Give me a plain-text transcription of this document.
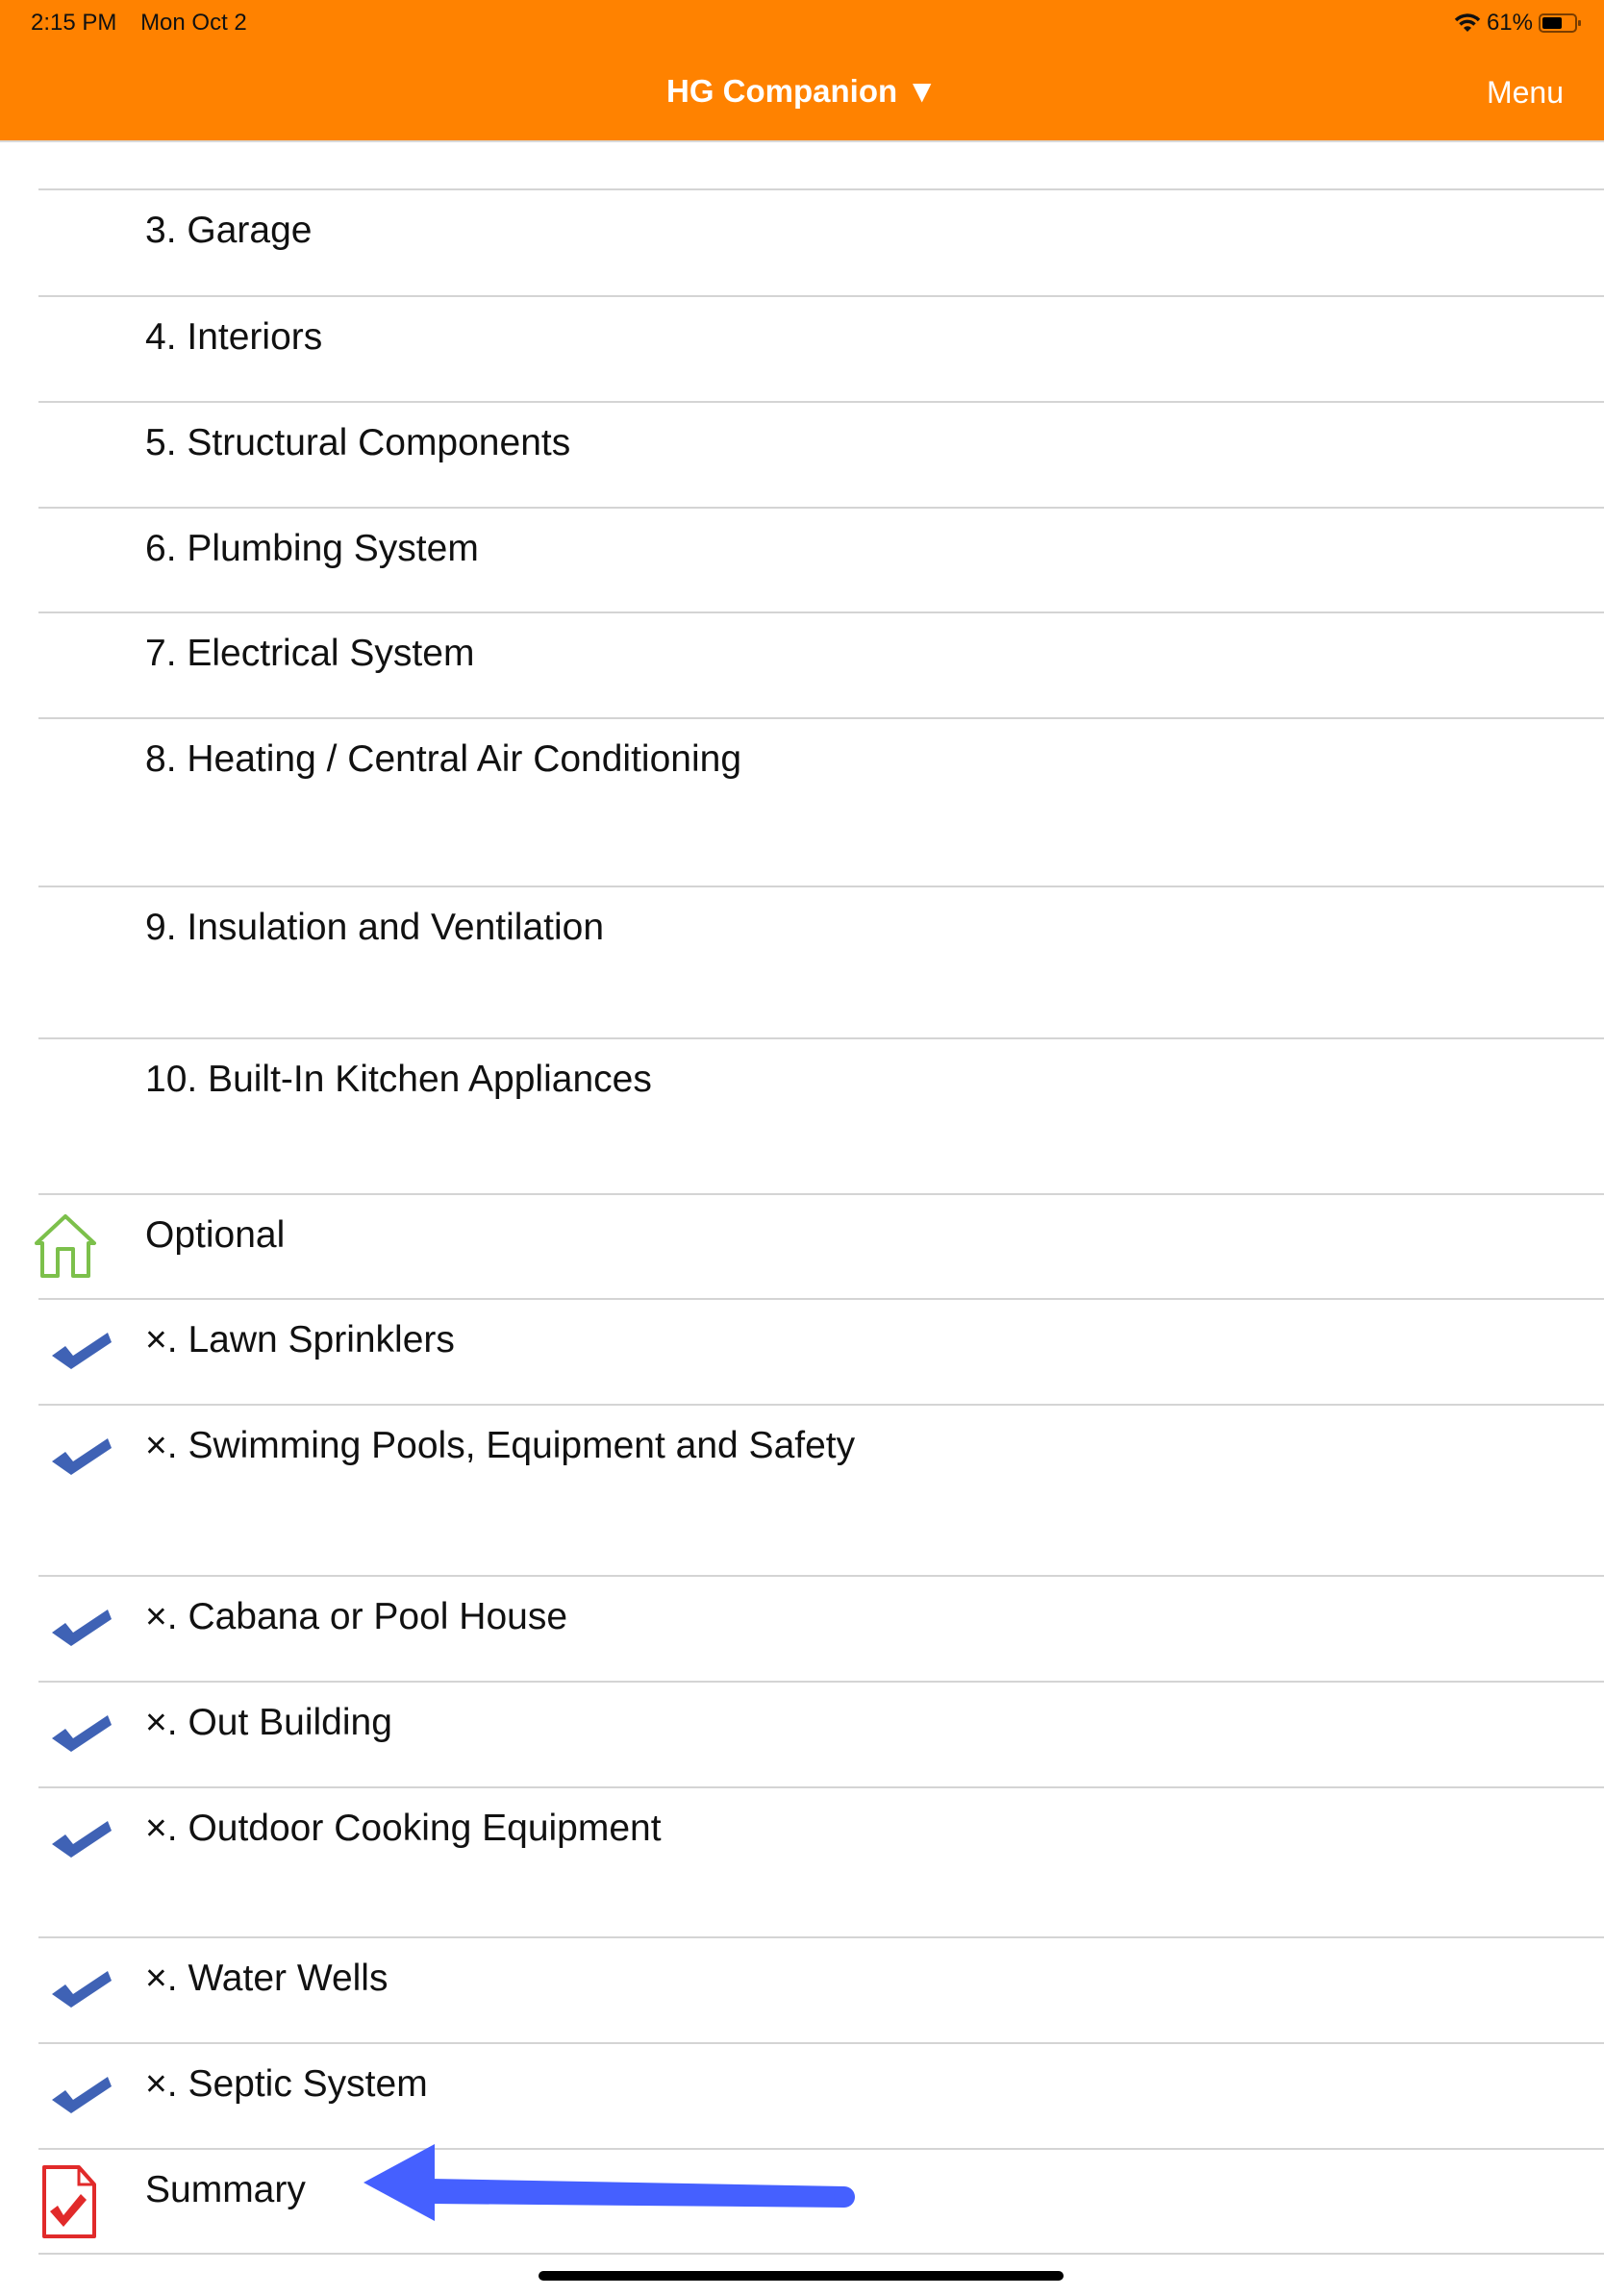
2:15 PM Mon Oct 2	61%
HG Companion ▼	Menu
3. Garage
4. Interiors
5. Structural Components
6. Plumbing System
7. Electrical System
8. Heating / Central Air Conditioning
9. Insulation and Ventilation
10. Built-In Kitchen Appliances
Optional
×. Lawn Sprinklers
×. Swimming Pools, Equipment and Safety
×. Cabana or Pool House
×. Out Building
×. Outdoor Cooking Equipment
×. Water Wells
×. Septic System
Summary
